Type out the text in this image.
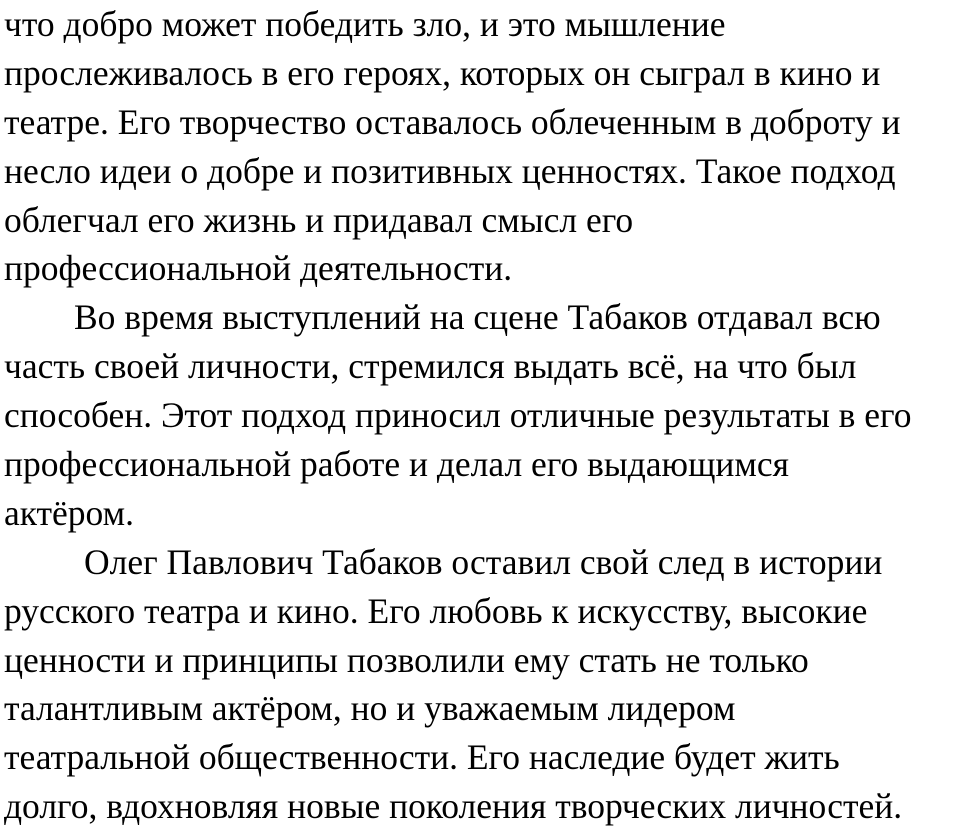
что добро может победить зло, и это мышление
прослеживалось в его героях, которых он сыграл в кино и
театре. Его творчество оставалось облеченным в доброту и
несло идеи о добре и позитивных ценностях. Такое подход
облегчал его жизнь и придавал смысл его
профессиональной деятельности.
Во время выступлений на сцене Табаков отдавал всю
часть своей личности, стремился выдать всё, на что был
способен. Этот подход приносил отличные результаты в его
профессиональной работе и делал его выдающимся
актёром.
Олег Павлович Табаков оставил свой след в истории
русского театра и кино. Его любовь к искусству, высокие
ценности и принципы позволили ему стать не только
талантливым актёром, но и уважаемым лидером
театральной общественности. Его наследие будет жить
долго, вдохновляя новые поколения творческих личностей.
